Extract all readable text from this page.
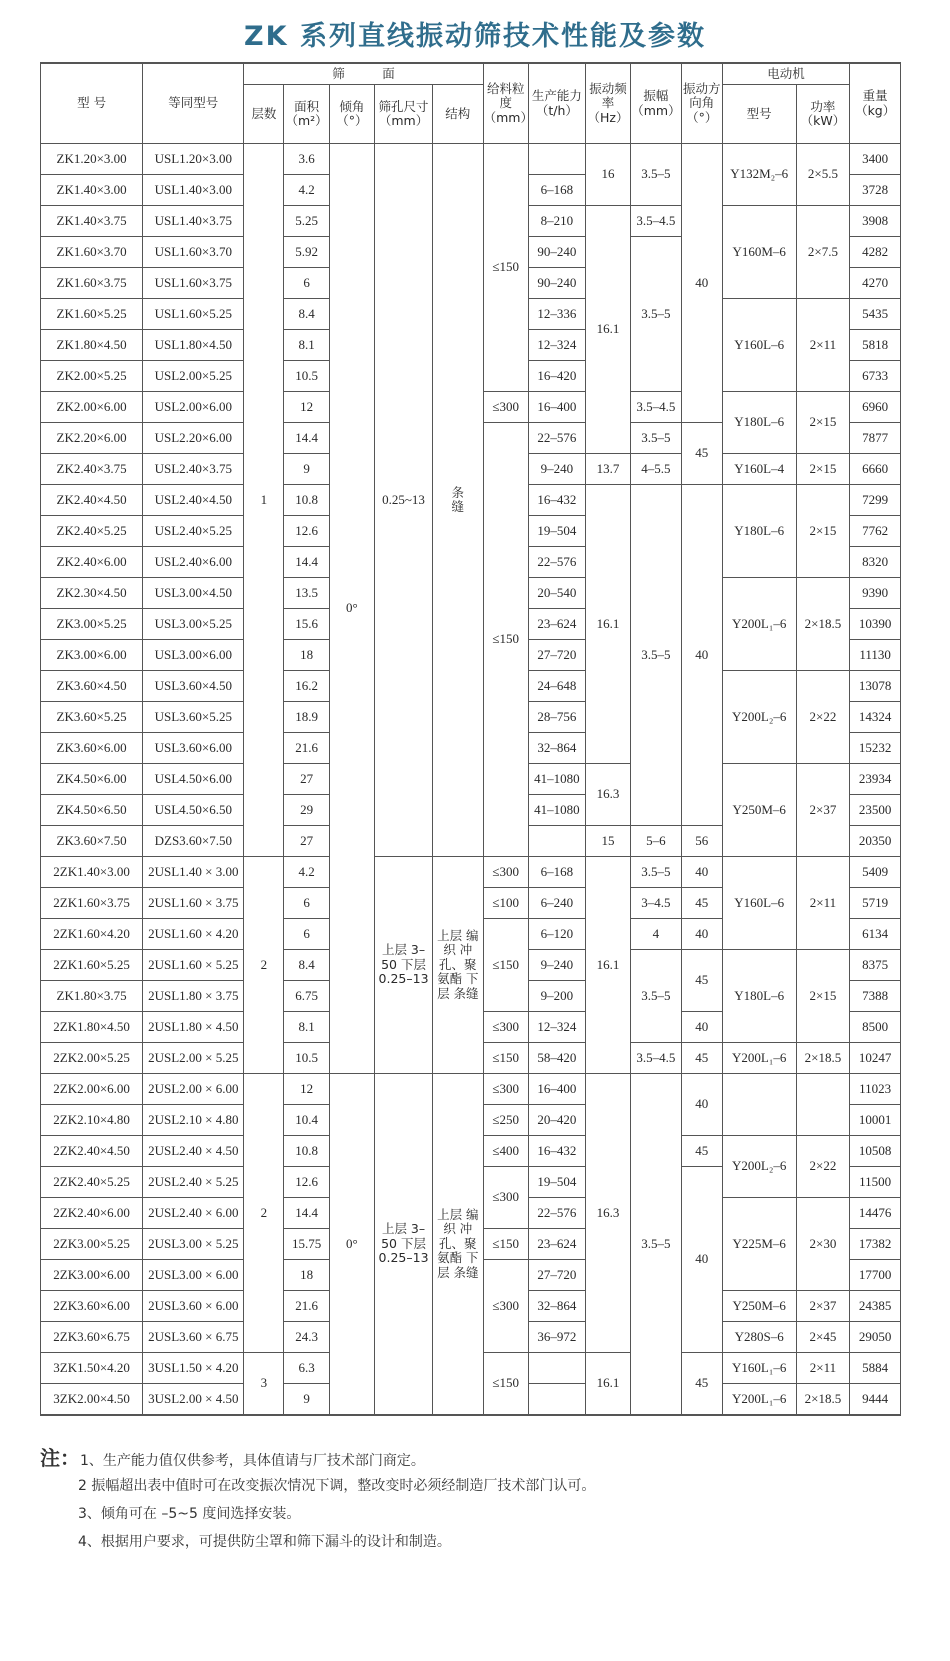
ZK 系列直线振动筛技术性能及参数
型 号	等同型号	筛　　　面					给料粒度（mm）	生产能力（t/h）	振动频率（Hz）	振幅（mm）	振动方向角（°）	电动机		重量（kg）
		层数	面积（m²）	倾角（°）	筛孔尺寸（mm）	结构						型号	功率（kW）	
ZK1.20×3.00	USL1.20×3.00	1	3.6	0°	0.25~13	条　　缝	≤150		16	3.5–5	40	Y132M₂–6	2×5.5	3400
ZK1.40×3.00	USL1.40×3.00		4.2					6–168						3728
ZK1.40×3.75	USL1.40×3.75		5.25					8–210	16.1	3.5–4.5		Y160M–6	2×7.5	3908
ZK1.60×3.70	USL1.60×3.70		5.92					90–240		3.5–5				4282
ZK1.60×3.75	USL1.60×3.75		6					90–240						4270
ZK1.60×5.25	USL1.60×5.25		8.4					12–336				Y160L–6	2×11	5435
ZK1.80×4.50	USL1.80×4.50		8.1					12–324						5818
ZK2.00×5.25	USL2.00×5.25		10.5					16–420						6733
ZK2.00×6.00	USL2.00×6.00		12				≤300	16–400		3.5–4.5		Y180L–6	2×15	6960
ZK2.20×6.00	USL2.20×6.00		14.4				≤150	22–576		3.5–5	45			7877
ZK2.40×3.75	USL2.40×3.75		9					9–240	13.7	4–5.5		Y160L–4	2×15	6660
ZK2.40×4.50	USL2.40×4.50		10.8					16–432	16.1	3.5–5	40	Y180L–6	2×15	7299
ZK2.40×5.25	USL2.40×5.25		12.6					19–504						7762
ZK2.40×6.00	USL2.40×6.00		14.4					22–576						8320
ZK2.30×4.50	USL3.00×4.50		13.5					20–540				Y200L₁–6	2×18.5	9390
ZK3.00×5.25	USL3.00×5.25		15.6					23–624						10390
ZK3.00×6.00	USL3.00×6.00		18					27–720						11130
ZK3.60×4.50	USL3.60×4.50		16.2					24–648				Y200L₂–6	2×22	13078
ZK3.60×5.25	USL3.60×5.25		18.9					28–756						14324
ZK3.60×6.00	USL3.60×6.00		21.6					32–864						15232
ZK4.50×6.00	USL4.50×6.00		27					41–1080	16.3			Y250M–6	2×37	23934
ZK4.50×6.50	USL4.50×6.50		29					41–1080						23500
ZK3.60×7.50	DZS3.60×7.50		27						15	5–6	56			20350
2ZK1.40×3.00	2USL1.40 × 3.00	2	4.2		上层 3–50 下层 0.25–13	上层 编织 冲孔、聚氨酯 下层 条缝	≤300	6–168	16.1	3.5–5	40	Y160L–6	2×11	5409
2ZK1.60×3.75	2USL1.60 × 3.75		6				≤100	6–240		3–4.5	45			5719
2ZK1.60×4.20	2USL1.60 × 4.20		6				≤150	6–120		4	40			6134
2ZK1.60×5.25	2USL1.60 × 5.25		8.4					9–240		3.5–5	45	Y180L–6	2×15	8375
ZK1.80×3.75	2USL1.80 × 3.75		6.75					9–200						7388
2ZK1.80×4.50	2USL1.80 × 4.50		8.1				≤300	12–324			40			8500
2ZK2.00×5.25	2USL2.00 × 5.25		10.5				≤150	58–420		3.5–4.5	45	Y200L₁–6	2×18.5	10247
2ZK2.00×6.00	2USL2.00 × 6.00	2	12	0°	上层 3–50 下层 0.25–13	上层 编织 冲孔、聚氨酯 下层 条缝	≤300	16–400	16.3	3.5–5	40			11023
2ZK2.10×4.80	2USL2.10 × 4.80		10.4				≤250	20–420						10001
2ZK2.40×4.50	2USL2.40 × 4.50		10.8				≤400	16–432			45	Y200L₂–6	2×22	10508
2ZK2.40×5.25	2USL2.40 × 5.25		12.6				≤300	19–504			40			11500
2ZK2.40×6.00	2USL2.40 × 6.00		14.4					22–576				Y225M–6	2×30	14476
2ZK3.00×5.25	2USL3.00 × 5.25		15.75				≤150	23–624						17382
2ZK3.00×6.00	2USL3.00 × 6.00		18				≤300	27–720						17700
2ZK3.60×6.00	2USL3.60 × 6.00		21.6					32–864				Y250M–6	2×37	24385
2ZK3.60×6.75	2USL3.60 × 6.75		24.3					36–972				Y280S–6	2×45	29050
3ZK1.50×4.20	3USL1.50 × 4.20	3	6.3				≤150		16.1		45	Y160L₁–6	2×11	5884
3ZK2.00×4.50	3USL2.00 × 4.50		9									Y200L₁–6	2×18.5	9444
注：1、生产能力值仅供参考，具体值请与厂技术部门商定。
2 振幅超出表中值时可在改变振次情况下调，整改变时必须经制造厂技术部门认可。
3、倾角可在 –5~5 度间选择安装。
4、根据用户要求，可提供防尘罩和筛下漏斗的设计和制造。
